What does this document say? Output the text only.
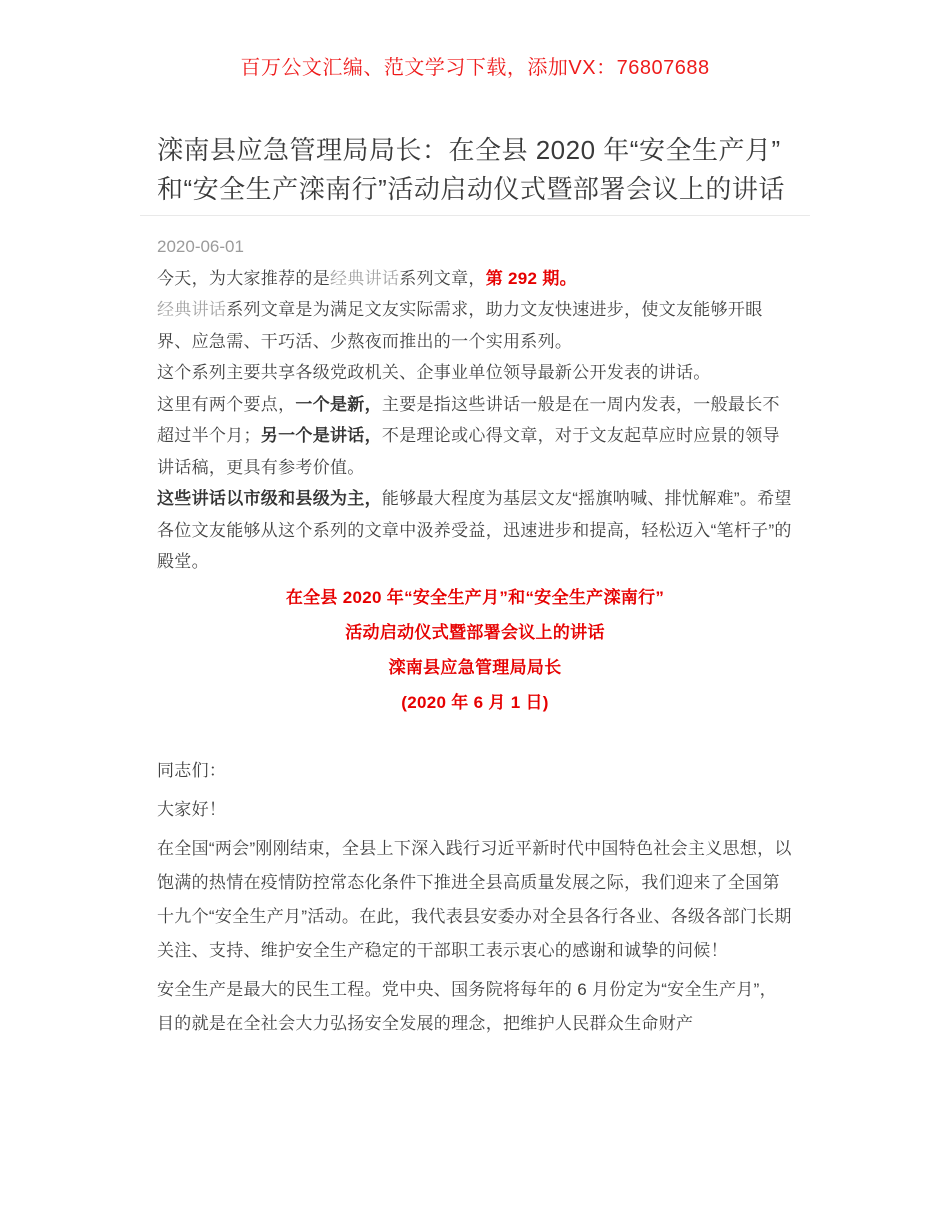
百万公文汇编、范文学习下载，添加VX：76807688
滦南县应急管理局局长：在全县 2020 年“安全生产月”和“安全生产滦南行”活动启动仪式暨部署会议上的讲话
2020-06-01

今天，为大家推荐的是经典讲话系列文章，第 292 期。

经典讲话系列文章是为满足文友实际需求，助力文友快速进步，使文友能够开眼界、应急需、干巧活、少熬夜而推出的一个实用系列。

这个系列主要共享各级党政机关、企事业单位领导最新公开发表的讲话。

这里有两个要点，一个是新，主要是指这些讲话一般是在一周内发表，一般最长不超过半个月；另一个是讲话，不是理论或心得文章，对于文友起草应时应景的领导讲话稿，更具有参考价值。

这些讲话以市级和县级为主，能够最大程度为基层文友“摇旗呐喊、排忧解难”。希望各位文友能够从这个系列的文章中汲养受益，迅速进步和提高，轻松迈入“笔杆子”的殿堂。

在全县 2020 年“安全生产月”和“安全生产滦南行”

活动启动仪式暨部署会议上的讲话

滦南县应急管理局局长

(2020 年 6 月 1 日)

同志们：

大家好！

在全国“两会”刚刚结束，全县上下深入践行习近平新时代中国特色社会主义思想，以饱满的热情在疫情防控常态化条件下推进全县高质量发展之际，我们迎来了全国第十九个“安全生产月”活动。在此，我代表县安委办对全县各行各业、各级各部门长期关注、支持、维护安全生产稳定的干部职工表示衷心的感谢和诚挚的问候！

安全生产是最大的民生工程。党中央、国务院将每年的 6 月份定为“安全生产月”，目的就是在全社会大力弘扬安全发展的理念，把维护人民群众生命财产
